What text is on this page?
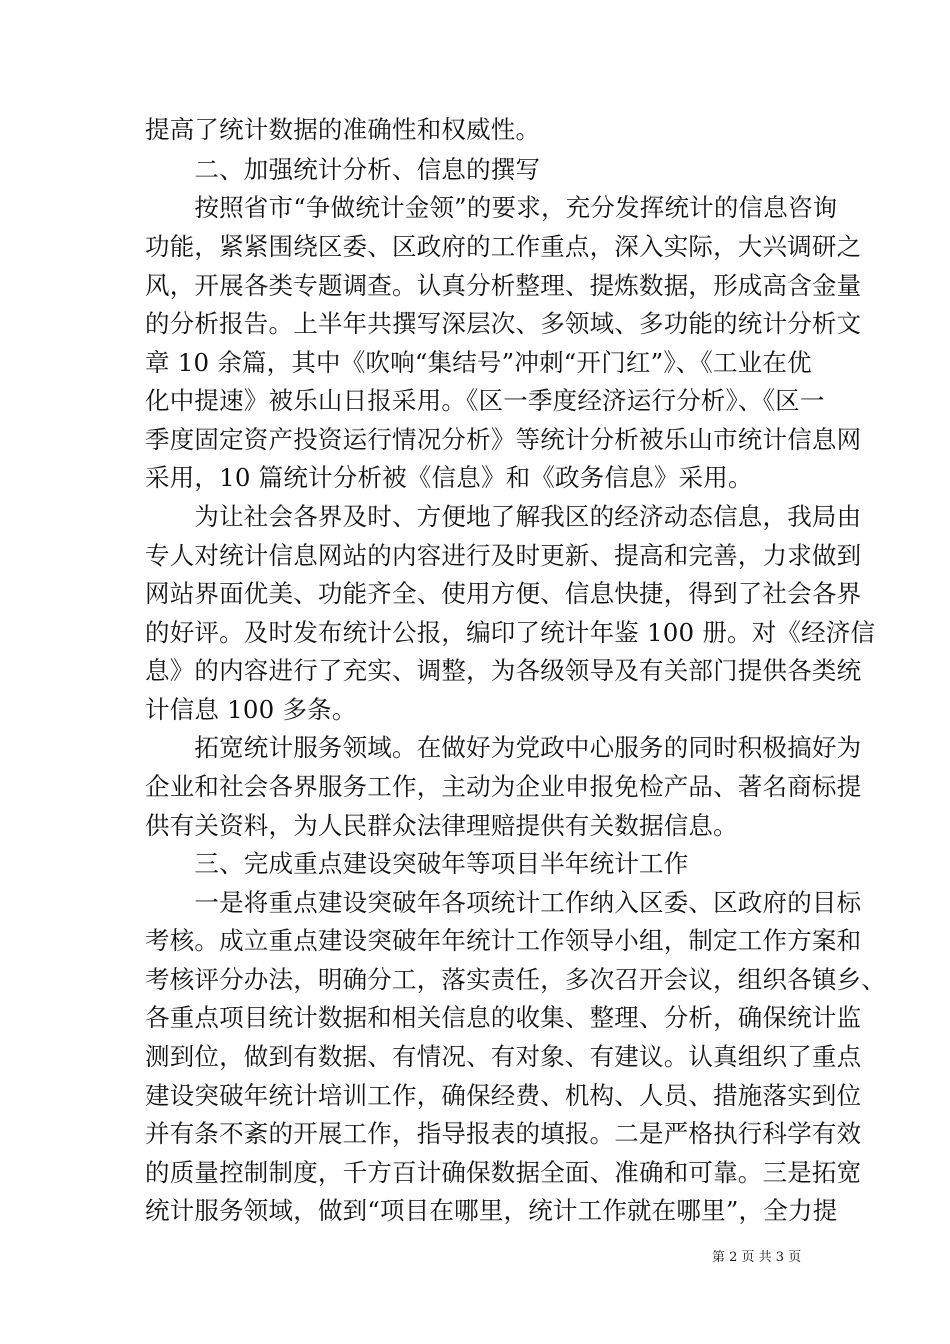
提高了统计数据的准确性和权威性。
　　二、加强统计分析、信息的撰写
　　按照省市“争做统计金领”的要求，充分发挥统计的信息咨询
功能，紧紧围绕区委、区政府的工作重点，深入实际，大兴调研之
风，开展各类专题调查。认真分析整理、提炼数据，形成高含金量
的分析报告。上半年共撰写深层次、多领域、多功能的统计分析文
章 10 余篇，其中《吹响“集结号”冲刺“开门红”》、《工业在优
化中提速》被乐山日报采用。《区一季度经济运行分析》、《区一
季度固定资产投资运行情况分析》等统计分析被乐山市统计信息网
采用，10 篇统计分析被《信息》和《政务信息》采用。
　　为让社会各界及时、方便地了解我区的经济动态信息，我局由
专人对统计信息网站的内容进行及时更新、提高和完善，力求做到
网站界面优美、功能齐全、使用方便、信息快捷，得到了社会各界
的好评。及时发布统计公报，编印了统计年鉴 100 册。对《经济信
息》的内容进行了充实、调整，为各级领导及有关部门提供各类统
计信息 100 多条。
　　拓宽统计服务领域。在做好为党政中心服务的同时积极搞好为
企业和社会各界服务工作，主动为企业申报免检产品、著名商标提
供有关资料，为人民群众法律理赔提供有关数据信息。
　　三、完成重点建设突破年等项目半年统计工作
　　一是将重点建设突破年各项统计工作纳入区委、区政府的目标
考核。成立重点建设突破年年统计工作领导小组，制定工作方案和
考核评分办法，明确分工，落实责任，多次召开会议，组织各镇乡、
各重点项目统计数据和相关信息的收集、整理、分析，确保统计监
测到位，做到有数据、有情况、有对象、有建议。认真组织了重点
建设突破年统计培训工作，确保经费、机构、人员、措施落实到位
并有条不紊的开展工作，指导报表的填报。二是严格执行科学有效
的质量控制制度，千方百计确保数据全面、准确和可靠。三是拓宽
统计服务领域，做到“项目在哪里，统计工作就在哪里”，全力提
第 2 页 共 3 页
